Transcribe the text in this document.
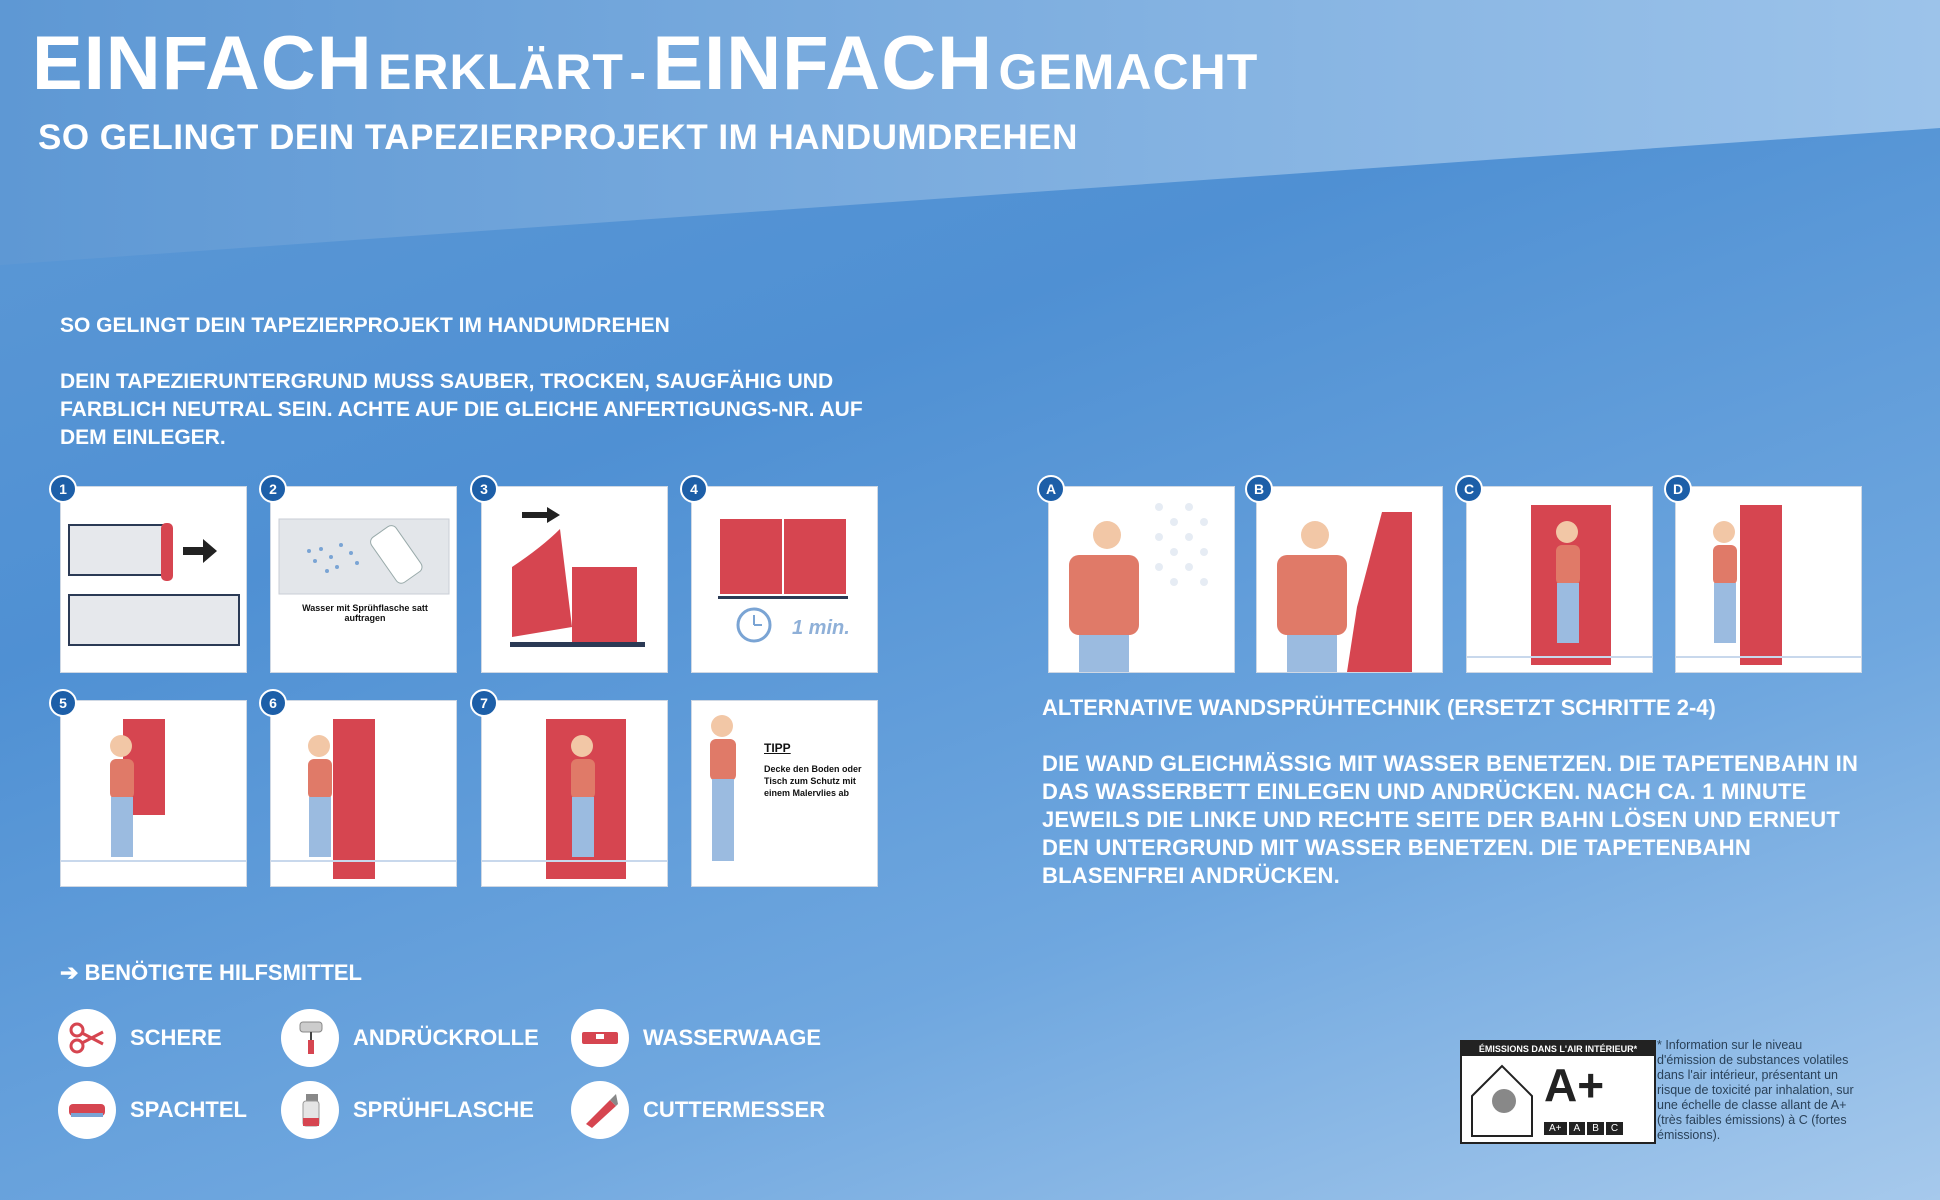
EINFACH ERKLÄRT - EINFACH GEMACHT
SO GELINGT DEIN TAPEZIERPROJEKT IM HANDUMDREHEN
SO GELINGT DEIN TAPEZIERPROJEKT IM HANDUMDREHEN
DEIN TAPEZIERUNTERGRUND MUSS SAUBER, TROCKEN, SAUGFÄHIG UND FARBLICH NEUTRAL SEIN. ACHTE AUF DIE GLEICHE ANFERTIGUNGS-NR. AUF DEM EINLEGER.
1
Wasser mit Sprühflasche satt auftragen
2	3
1 min.
4
5	6	7
TIPP
Decke den Boden oder Tisch zum Schutz mit einem Malervlies ab
A	B	C	D
ALTERNATIVE WANDSPRÜHTECHNIK (ERSETZT SCHRITTE 2-4)
DIE WAND GLEICHMÄSSIG MIT WASSER BENETZEN. DIE TAPETENBAHN IN DAS WASSERBETT EINLEGEN UND ANDRÜCKEN. NACH CA. 1 MINUTE JEWEILS DIE LINKE UND RECHTE SEITE DER BAHN LÖSEN UND ERNEUT DEN UNTERGRUND MIT WASSER BENETZEN. DIE TAPETENBAHN BLASENFREI ANDRÜCKEN.
➔ BENÖTIGTE HILFSMITTEL
SCHERE	ANDRÜCKROLLE	WASSERWAAGE
SPACHTEL	SPRÜHFLASCHE	CUTTERMESSER
ÉMISSIONS DANS L'AIR INTÉRIEUR*
A+
A+	A	B	C
* Information sur le niveau d'émission de substances volatiles dans l'air intérieur, présentant un risque de toxicité par inhalation, sur une échelle de classe allant de A+ (très faibles émissions) à C (fortes émissions).
